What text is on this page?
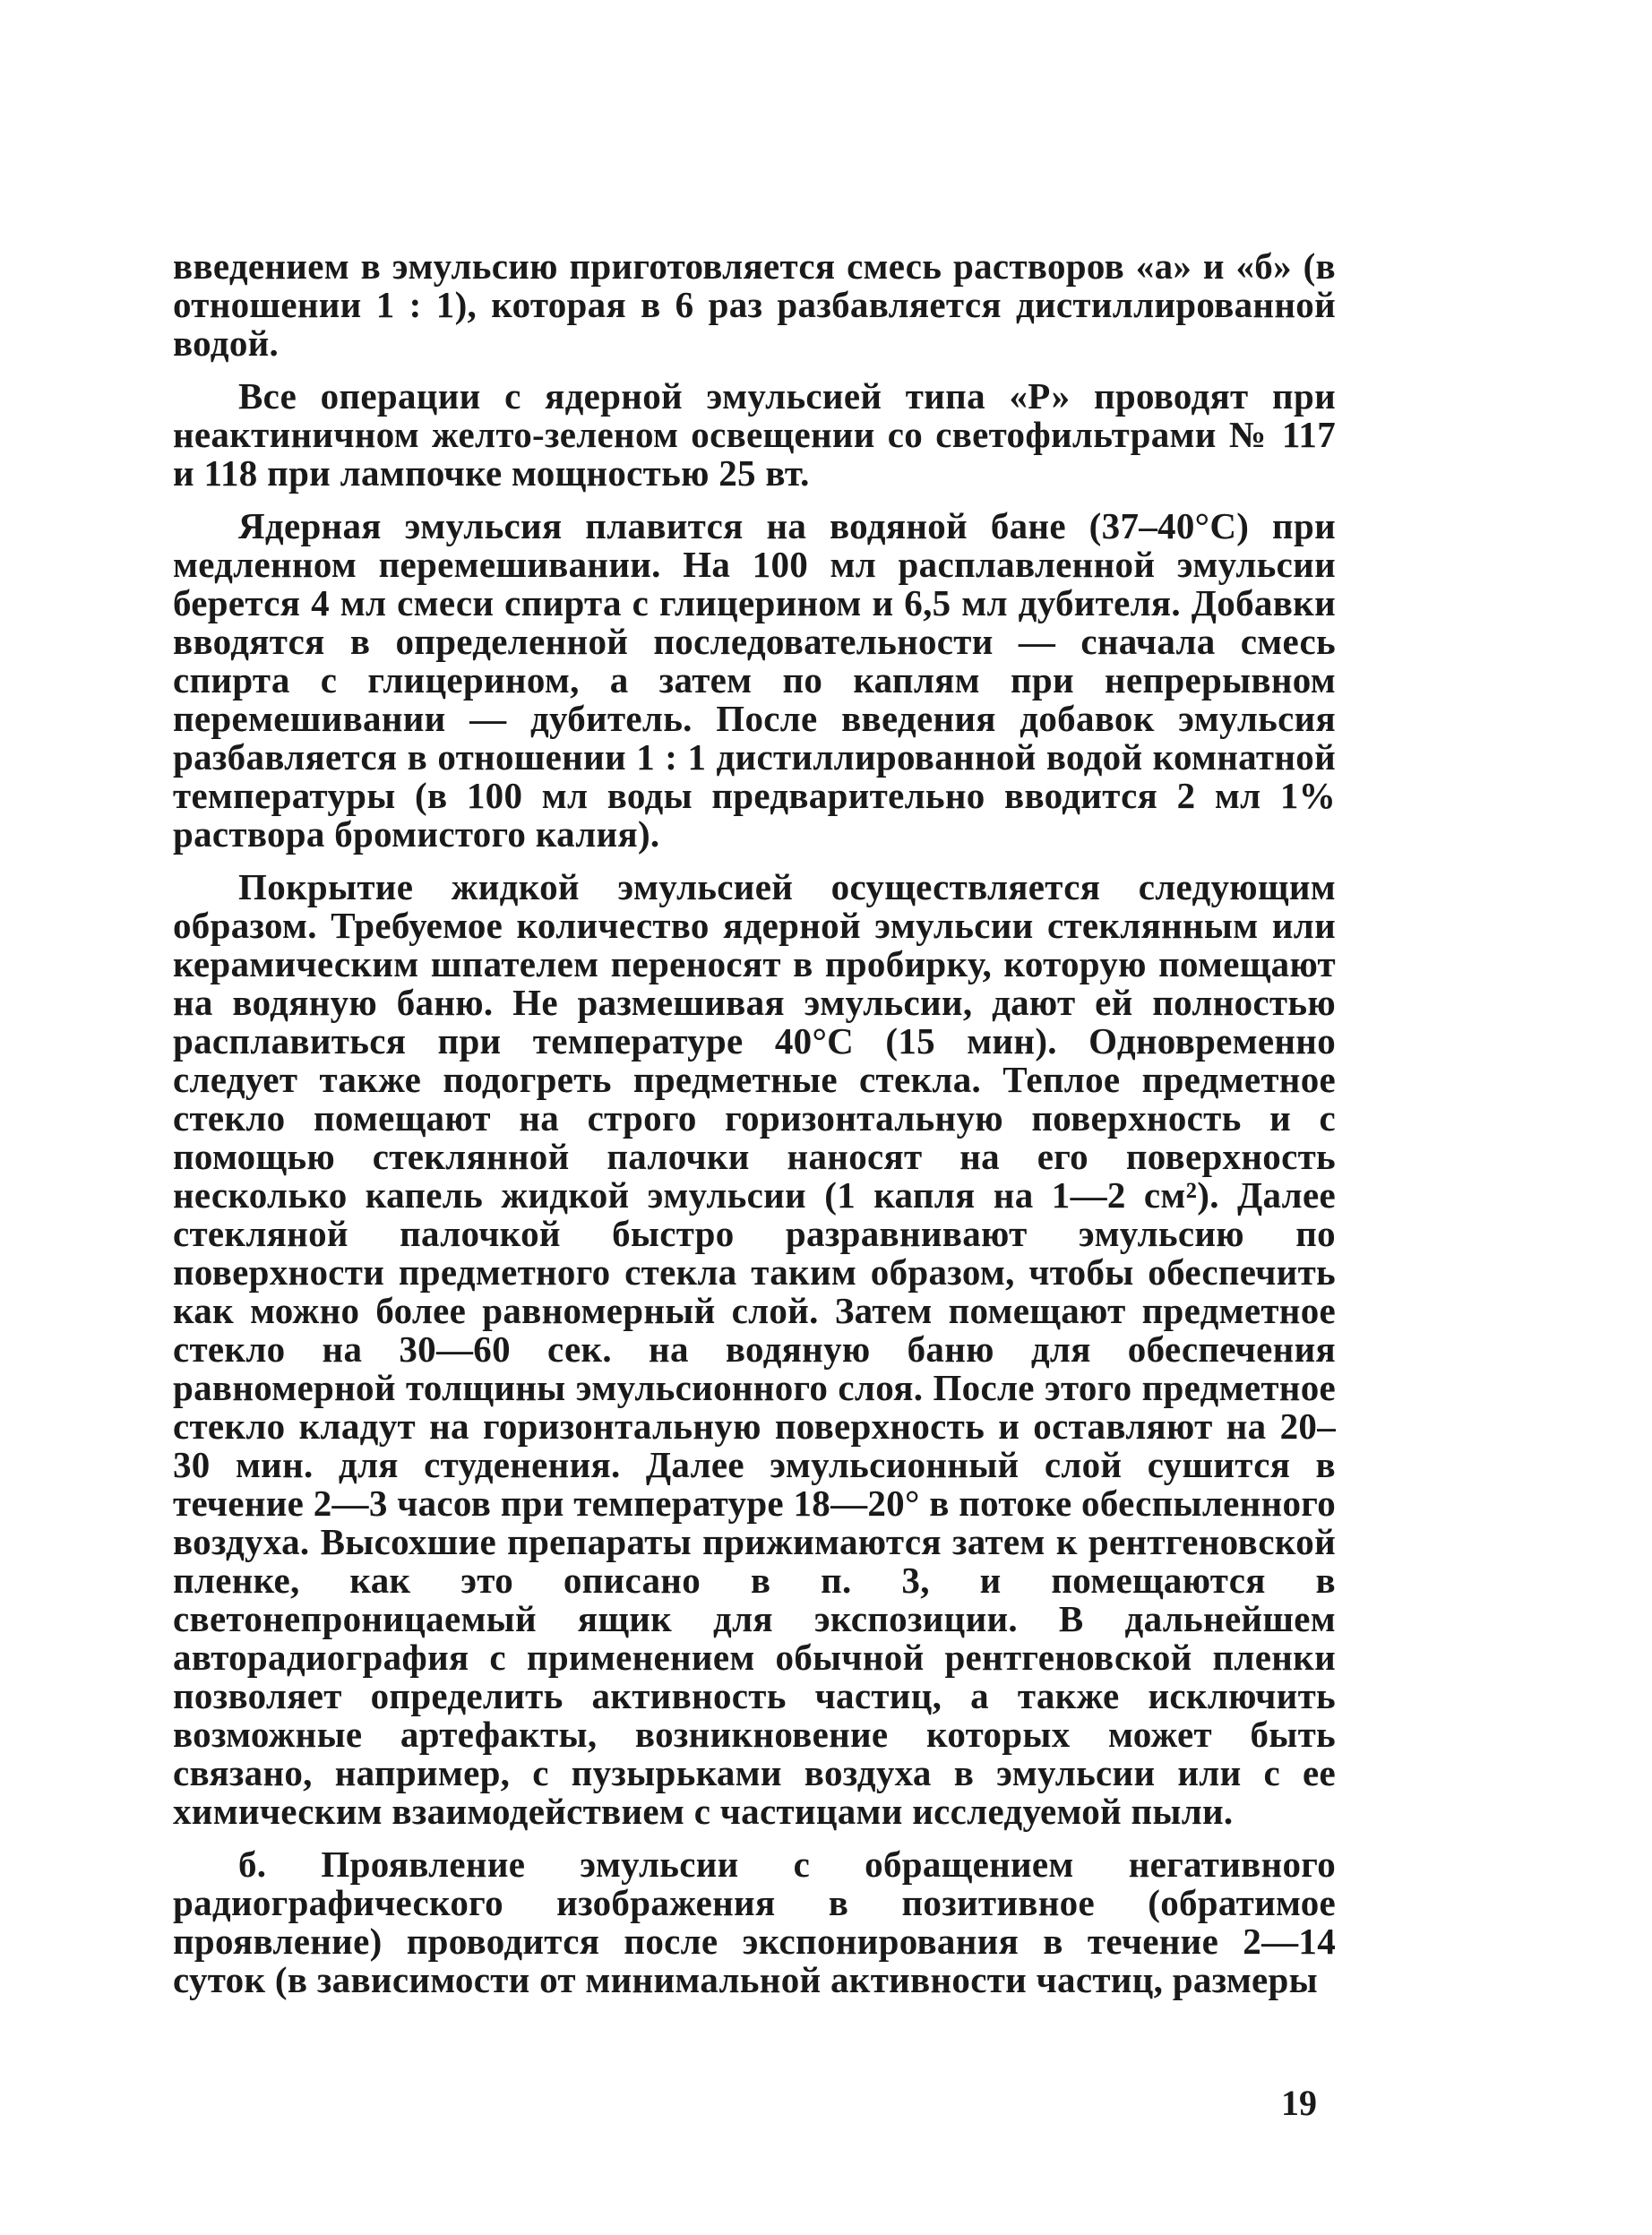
введением в эмульсию приготовляется смесь растворов «а» и «б» (в отношении 1 : 1), которая в 6 раз разбавляется дистиллированной водой.

Все операции с ядерной эмульсией типа «Р» проводят при неактиничном желто-зеленом освещении со светофильтрами № 117 и 118 при лампочке мощностью 25 вт.

Ядерная эмульсия плавится на водяной бане (37–40°С) при медленном перемешивании. На 100 мл расплавленной эмульсии берется 4 мл смеси спирта с глицерином и 6,5 мл дубителя. Добавки вводятся в определенной последовательности — сначала смесь спирта с глицерином, а затем по каплям при непрерывном перемешивании — дубитель. После введения добавок эмульсия разбавляется в отношении 1 : 1 дистиллированной водой комнатной температуры (в 100 мл воды предварительно вводится 2 мл 1% раствора бромистого калия).

Покрытие жидкой эмульсией осуществляется следующим образом. Требуемое количество ядерной эмульсии стеклянным или керамическим шпателем переносят в пробирку, которую помещают на водяную баню. Не размешивая эмульсии, дают ей полностью расплавиться при температуре 40°С (15 мин). Одновременно следует также подогреть предметные стекла. Теплое предметное стекло помещают на строго горизонтальную поверхность и с помощью стеклянной палочки наносят на его поверхность несколько капель жидкой эмульсии (1 капля на 1—2 см²). Далее стекляной палочкой быстро разравнивают эмульсию по поверхности предметного стекла таким образом, чтобы обеспечить как можно более равномерный слой. Затем помещают предметное стекло на 30—60 сек. на водяную баню для обеспечения равномерной толщины эмульсионного слоя. После этого предметное стекло кладут на горизонтальную поверхность и оставляют на 20–30 мин. для студенения. Далее эмульсионный слой сушится в течение 2—3 часов при температуре 18—20° в потоке обеспыленного воздуха. Высохшие препараты прижимаются затем к рентгеновской пленке, как это описано в п. 3, и помещаются в светонепроницаемый ящик для экспозиции. В дальнейшем авторадиография с применением обычной рентгеновской пленки позволяет определить активность частиц, а также исключить возможные артефакты, возникновение которых может быть связано, например, с пузырьками воздуха в эмульсии или с ее химическим взаимодействием с частицами исследуемой пыли.

б. Проявление эмульсии с обращением негативного радиографического изображения в позитивное (обратимое проявление) проводится после экспонирования в течение 2—14 суток (в зависимости от минимальной активности частиц, размеры

19
